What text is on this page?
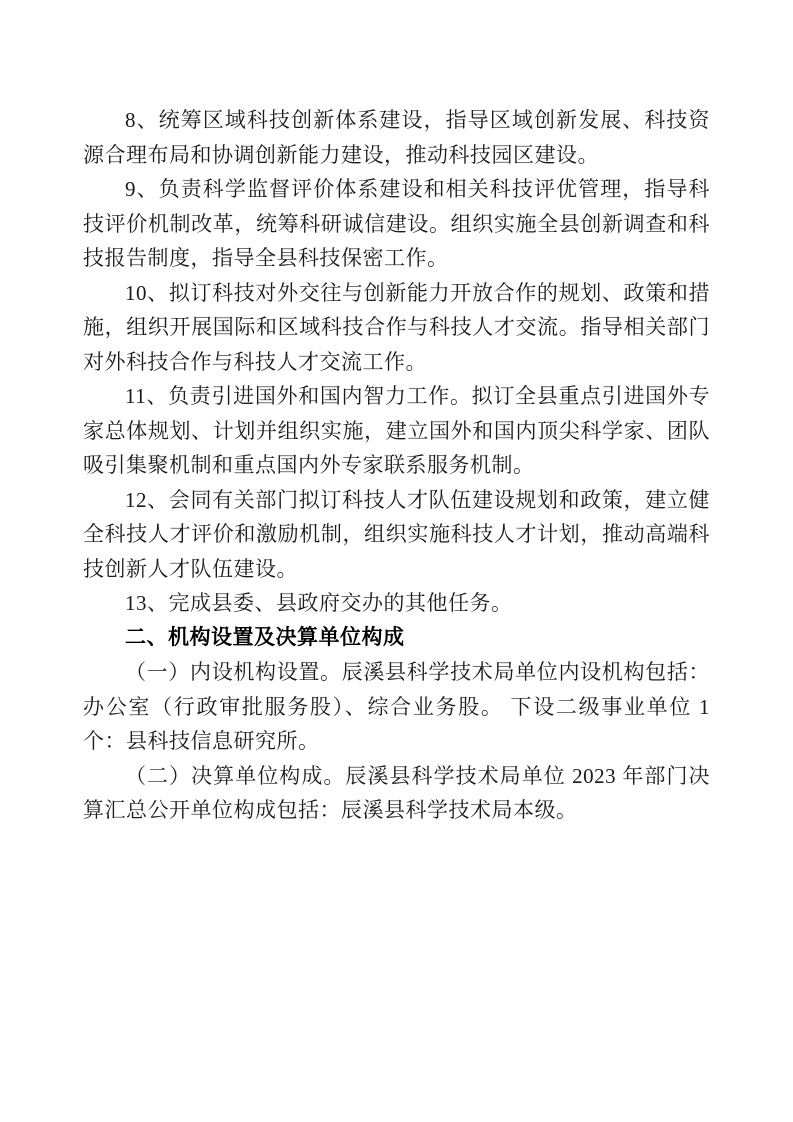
8、统筹区域科技创新体系建设，指导区域创新发展、科技资源合理布局和协调创新能力建设，推动科技园区建设。

9、负责科学监督评价体系建设和相关科技评优管理，指导科技评价机制改革，统筹科研诚信建设。组织实施全县创新调查和科技报告制度，指导全县科技保密工作。

10、拟订科技对外交往与创新能力开放合作的规划、政策和措施，组织开展国际和区域科技合作与科技人才交流。指导相关部门对外科技合作与科技人才交流工作。

11、负责引进国外和国内智力工作。拟订全县重点引进国外专家总体规划、计划并组织实施，建立国外和国内顶尖科学家、团队吸引集聚机制和重点国内外专家联系服务机制。

12、会同有关部门拟订科技人才队伍建设规划和政策，建立健全科技人才评价和激励机制，组织实施科技人才计划，推动高端科技创新人才队伍建设。

13、完成县委、县政府交办的其他任务。

二、机构设置及决算单位构成

（一）内设机构设置。辰溪县科学技术局单位内设机构包括：办公室（行政审批服务股）、综合业务股。 下设二级事业单位 1 个：县科技信息研究所。

（二）决算单位构成。辰溪县科学技术局单位 2023 年部门决算汇总公开单位构成包括：辰溪县科学技术局本级。
